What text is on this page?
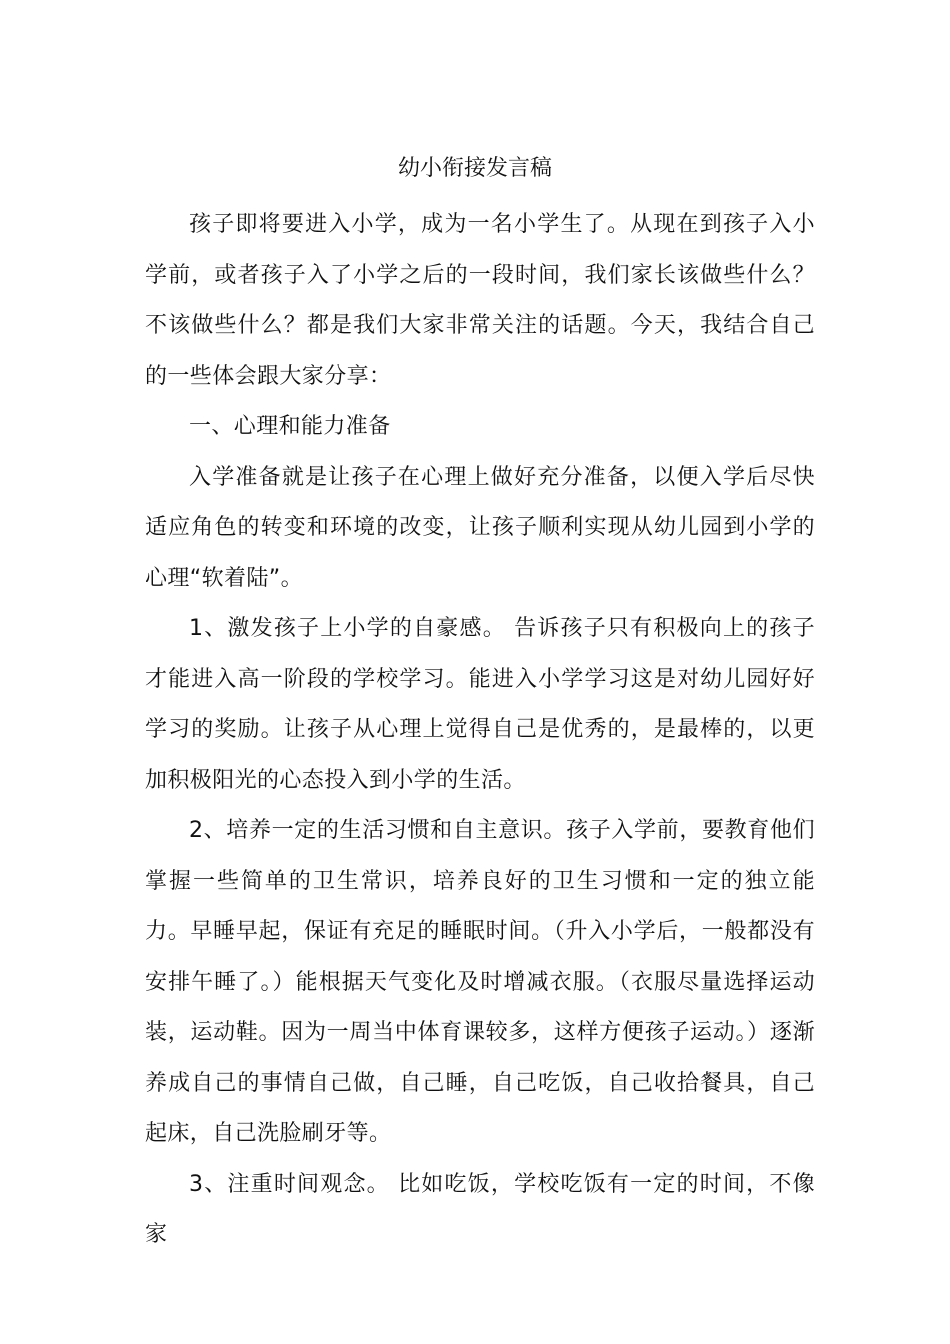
幼小衔接发言稿

孩子即将要进入小学，成为一名小学生了。从现在到孩子入小学前，或者孩子入了小学之后的一段时间，我们家长该做些什么？不该做些什么？都是我们大家非常关注的话题。今天，我结合自己的一些体会跟大家分享：

一、心理和能力准备

入学准备就是让孩子在心理上做好充分准备，以便入学后尽快适应角色的转变和环境的改变，让孩子顺利实现从幼儿园到小学的心理“软着陆”。

1、激发孩子上小学的自豪感。 告诉孩子只有积极向上的孩子才能进入高一阶段的学校学习。能进入小学学习这是对幼儿园好好学习的奖励。让孩子从心理上觉得自己是优秀的，是最棒的，以更加积极阳光的心态投入到小学的生活。

2、培养一定的生活习惯和自主意识。孩子入学前，要教育他们掌握一些简单的卫生常识，培养良好的卫生习惯和一定的独立能力。早睡早起，保证有充足的睡眠时间。（升入小学后，一般都没有安排午睡了。）能根据天气变化及时增减衣服。（衣服尽量选择运动装，运动鞋。因为一周当中体育课较多，这样方便孩子运动。）逐渐养成自己的事情自己做，自己睡，自己吃饭，自己收拾餐具，自己起床，自己洗脸刷牙等。

3、注重时间观念。 比如吃饭，学校吃饭有一定的时间，不像家
